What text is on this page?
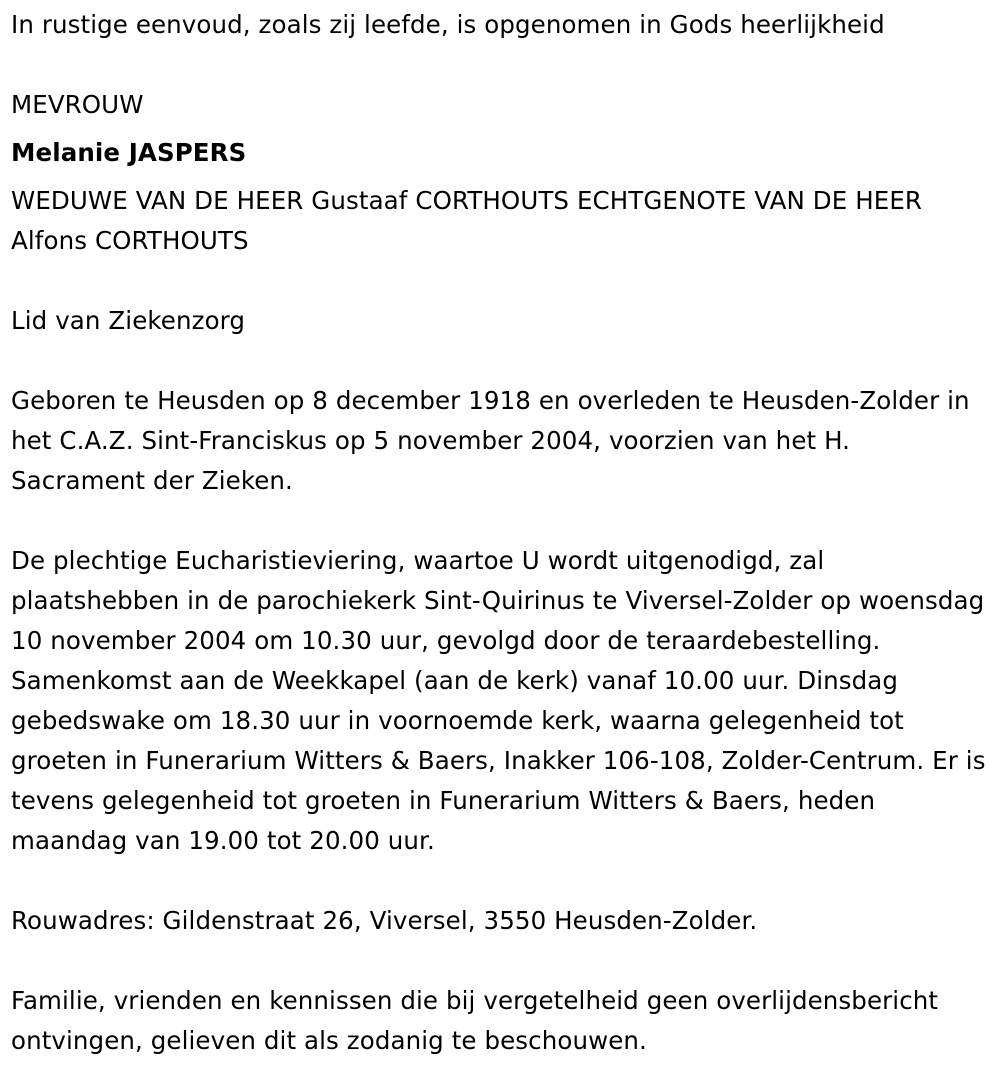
In rustige eenvoud, zoals zij leefde, is opgenomen in Gods heerlijkheid

MEVROUW

Melanie JASPERS

WEDUWE VAN DE HEER Gustaaf CORTHOUTS ECHTGENOTE VAN DE HEER Alfons CORTHOUTS

Lid van Ziekenzorg

Geboren te Heusden op 8 december 1918 en overleden te Heusden-Zolder in het C.A.Z. Sint-Franciskus op 5 november 2004, voorzien van het H. Sacrament der Zieken.

De plechtige Eucharistieviering, waartoe U wordt uitgenodigd, zal plaatshebben in de parochiekerk Sint-Quirinus te Viversel-Zolder op woensdag 10 november 2004 om 10.30 uur, gevolgd door de teraardebestelling. Samenkomst aan de Weekkapel (aan de kerk) vanaf 10.00 uur. Dinsdag gebedswake om 18.30 uur in voornoemde kerk, waarna gelegenheid tot groeten in Funerarium Witters & Baers, Inakker 106-108, Zolder-Centrum. Er is tevens gelegenheid tot groeten in Funerarium Witters & Baers, heden maandag van 19.00 tot 20.00 uur.

Rouwadres: Gildenstraat 26, Viversel, 3550 Heusden-Zolder.

Familie, vrienden en kennissen die bij vergetelheid geen overlijdensbericht ontvingen, gelieven dit als zodanig te beschouwen.
